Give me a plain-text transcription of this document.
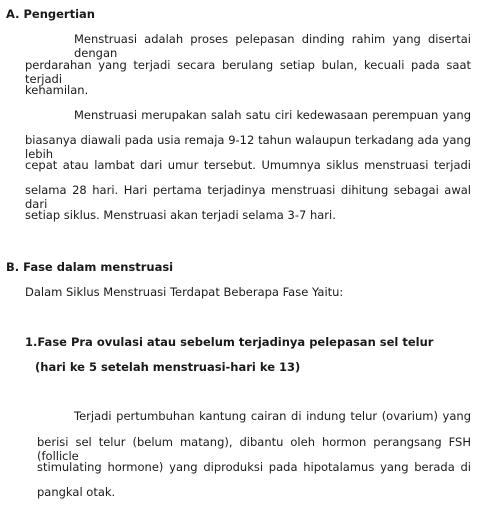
A. Pengertian
Menstruasi adalah proses pelepasan dinding rahim yang disertai dengan
perdarahan yang terjadi secara berulang setiap bulan, kecuali pada saat terjadi
kehamilan.
Menstruasi merupakan salah satu ciri kedewasaan perempuan yang
biasanya diawali pada usia remaja 9-12 tahun walaupun terkadang ada yang lebih
cepat atau lambat dari umur tersebut. Umumnya siklus menstruasi terjadi
selama 28 hari. Hari pertama terjadinya menstruasi dihitung sebagai awal dari
setiap siklus. Menstruasi akan terjadi selama 3-7 hari.
B. Fase dalam menstruasi
Dalam Siklus Menstruasi Terdapat Beberapa Fase Yaitu:
1.Fase Pra ovulasi atau sebelum terjadinya pelepasan sel telur
(hari ke 5 setelah menstruasi-hari ke 13)
Terjadi pertumbuhan kantung cairan di indung telur (ovarium) yang
berisi sel telur (belum matang), dibantu oleh hormon perangsang FSH (follicle
stimulating hormone) yang diproduksi pada hipotalamus yang berada di
pangkal otak.
